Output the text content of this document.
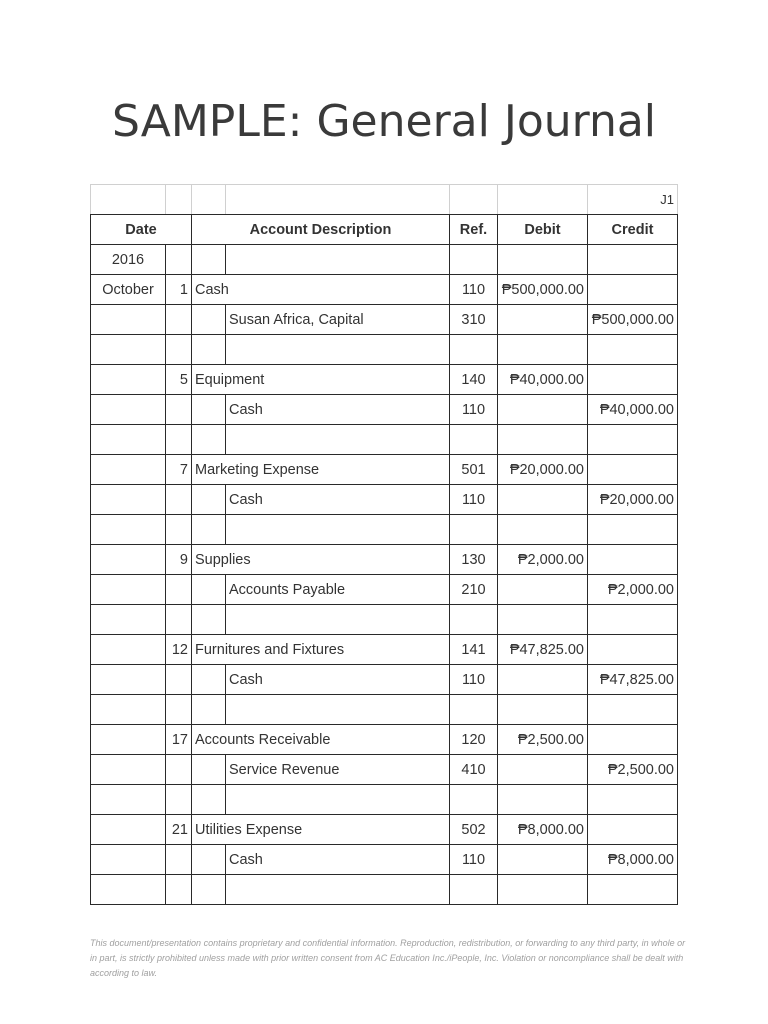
SAMPLE: General Journal
						J1
Date		Account Description		Ref.	Debit	Credit
2016						
October	1	Cash		110	₱500,000.00	
			Susan Africa, Capital	310		₱500,000.00

	5	Equipment		140	₱40,000.00	
			Cash	110		₱40,000.00

	7	Marketing Expense		501	₱20,000.00	
			Cash	110		₱20,000.00

	9	Supplies		130	₱2,000.00	
			Accounts Payable	210		₱2,000.00

	12	Furnitures and Fixtures		141	₱47,825.00	
			Cash	110		₱47,825.00

	17	Accounts Receivable		120	₱2,500.00	
			Service Revenue	410		₱2,500.00

	21	Utilities Expense		502	₱8,000.00	
			Cash	110		₱8,000.00

This document/presentation contains proprietary and confidential information. Reproduction, redistribution, or forwarding to any third party, in whole or in part, is strictly prohibited unless made with prior written consent from AC Education Inc./iPeople, Inc. Violation or noncompliance shall be dealt with according to law.
